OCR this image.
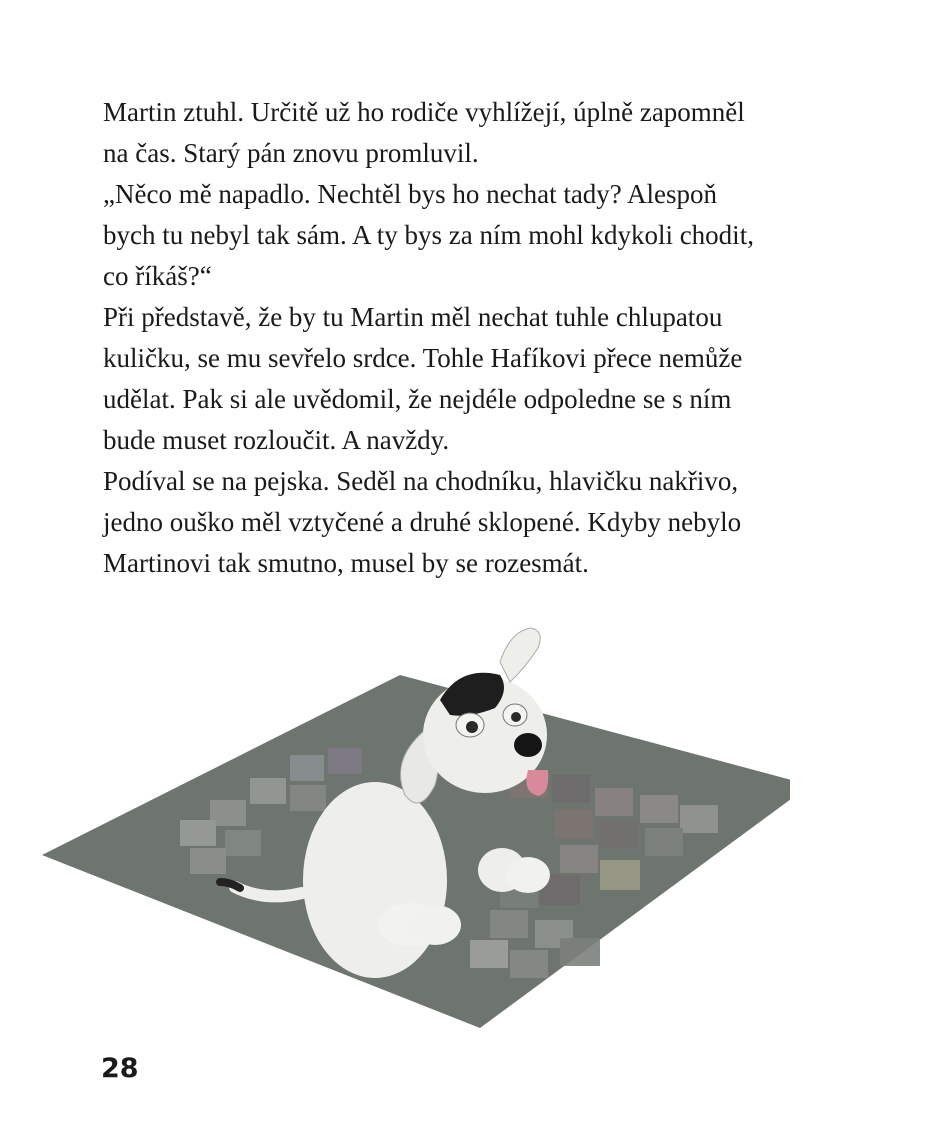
Martin ztuhl. Určitě už ho rodiče vyhlížejí, úplně zapomněl
na čas. Starý pán znovu promluvil.
„Něco mě napadlo. Nechtěl bys ho nechat tady? Alespoň
bych tu nebyl tak sám. A ty bys za ním mohl kdykoli chodit,
co říkáš?“
Při představě, že by tu Martin měl nechat tuhle chlupatou
kuličku, se mu sevřelo srdce. Tohle Hafíkovi přece nemůže
udělat. Pak si ale uvědomil, že nejdéle odpoledne se s ním
bude muset rozloučit. A navždy.
Podíval se na pejska. Seděl na chodníku, hlavičku nakřivo,
jedno ouško měl vztyčené a druhé sklopené. Kdyby nebylo
Martinovi tak smutno, musel by se rozesmát.
28
